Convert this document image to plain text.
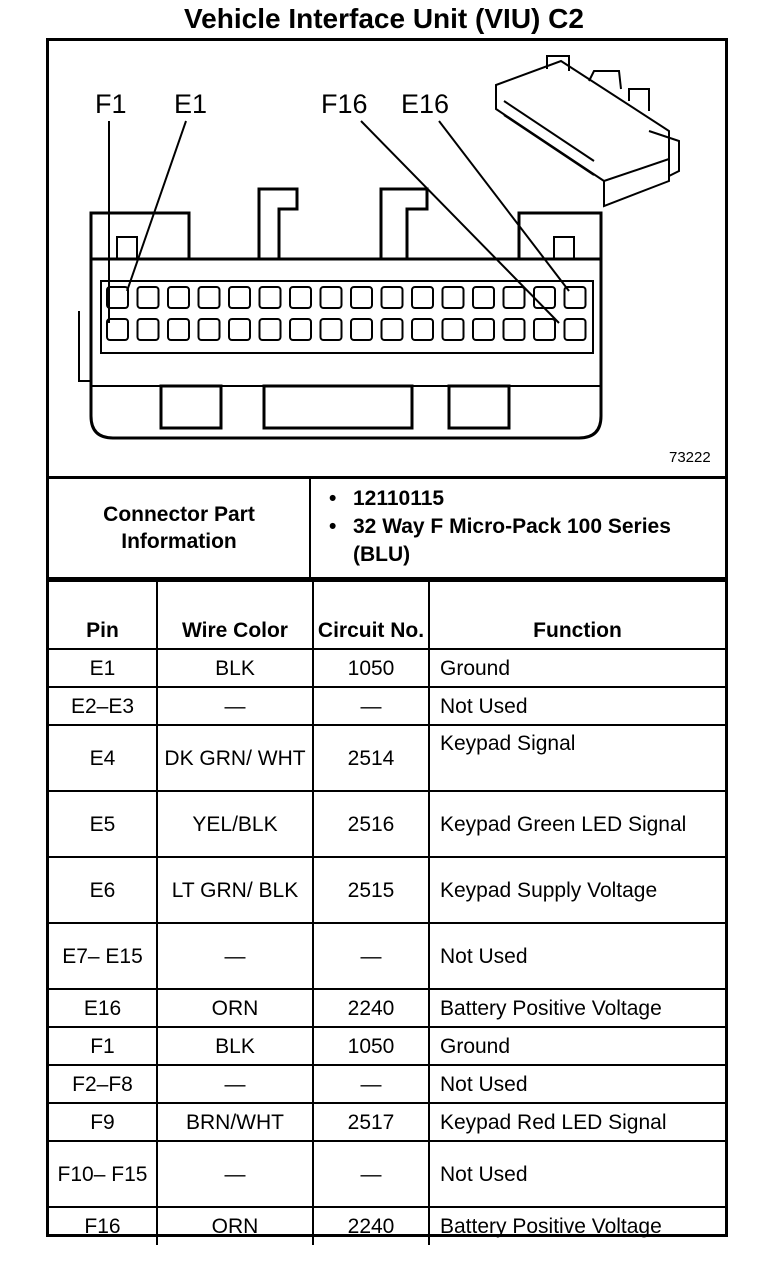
Vehicle Interface Unit (VIU) C2
F1 E1	F16 E16
73222
Connector Part Information
• 12110115
• 32 Way F Micro-Pack 100 Series (BLU)
Pin	Wire Color	Circuit No.	Function
E1	BLK	1050	Ground
E2–E3	—	—	Not Used
E4	DK GRN/ WHT	2514	Keypad Signal
E5	YEL/BLK	2516	Keypad Green LED Signal
E6	LT GRN/ BLK	2515	Keypad Supply Voltage
E7– E15	—	—	Not Used
E16	ORN	2240	Battery Positive Voltage
F1	BLK	1050	Ground
F2–F8	—	—	Not Used
F9	BRN/WHT	2517	Keypad Red LED Signal
F10– F15	—	—	Not Used
F16	ORN	2240	Battery Positive Voltage
